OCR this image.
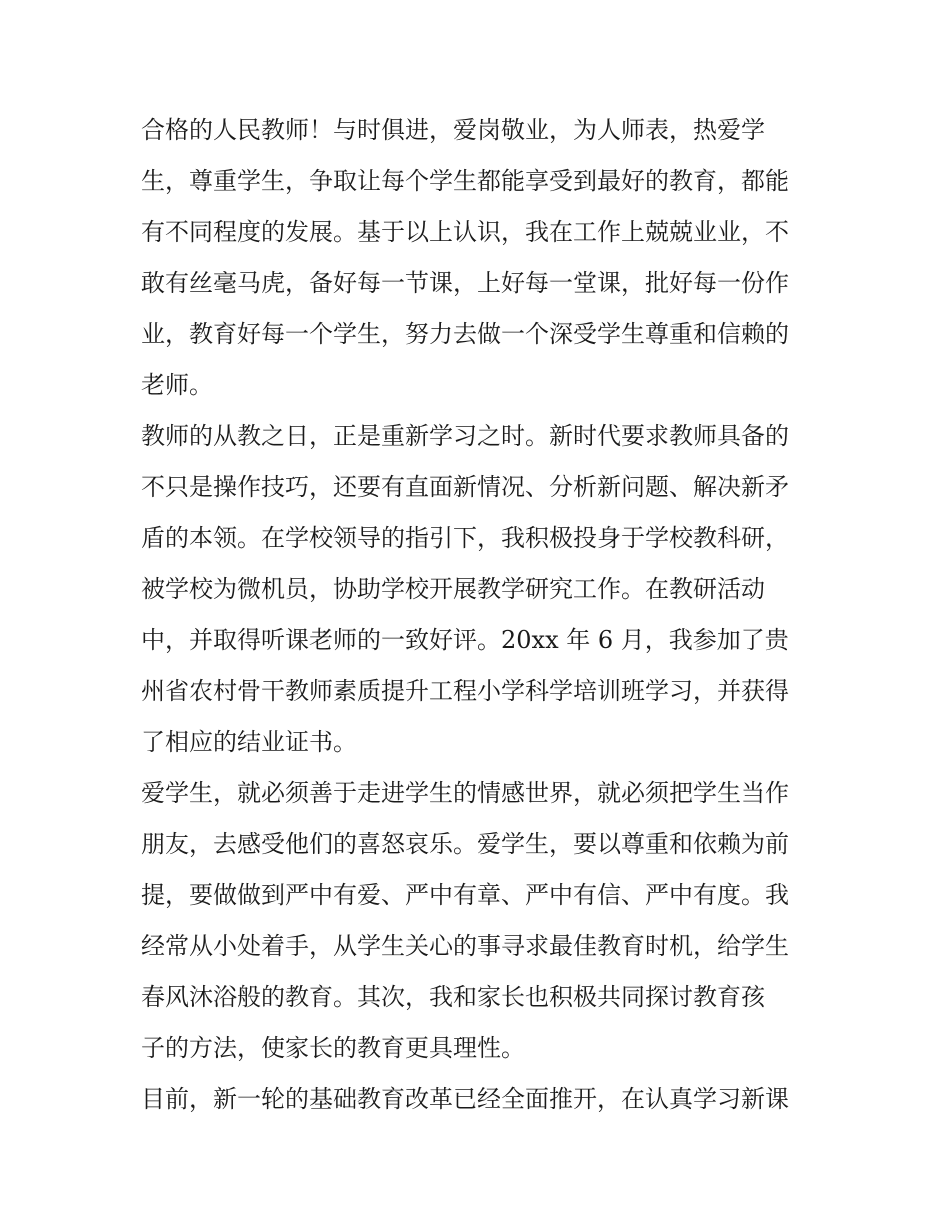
合格的人民教师！与时俱进，爱岗敬业，为人师表，热爱学
生，尊重学生，争取让每个学生都能享受到最好的教育，都能
有不同程度的发展。基于以上认识，我在工作上兢兢业业，不
敢有丝毫马虎，备好每一节课，上好每一堂课，批好每一份作
业，教育好每一个学生，努力去做一个深受学生尊重和信赖的
老师。
教师的从教之日，正是重新学习之时。新时代要求教师具备的
不只是操作技巧，还要有直面新情况、分析新问题、解决新矛
盾的本领。在学校领导的指引下，我积极投身于学校教科研，
被学校为微机员，协助学校开展教学研究工作。在教研活动
中，并取得听课老师的一致好评。20xx 年 6 月，我参加了贵
州省农村骨干教师素质提升工程小学科学培训班学习，并获得
了相应的结业证书。
爱学生，就必须善于走进学生的情感世界，就必须把学生当作
朋友，去感受他们的喜怒哀乐。爱学生，要以尊重和依赖为前
提，要做做到严中有爱、严中有章、严中有信、严中有度。我
经常从小处着手，从学生关心的事寻求最佳教育时机，给学生
春风沐浴般的教育。其次，我和家长也积极共同探讨教育孩
子的方法，使家长的教育更具理性。
目前，新一轮的基础教育改革已经全面推开，在认真学习新课
